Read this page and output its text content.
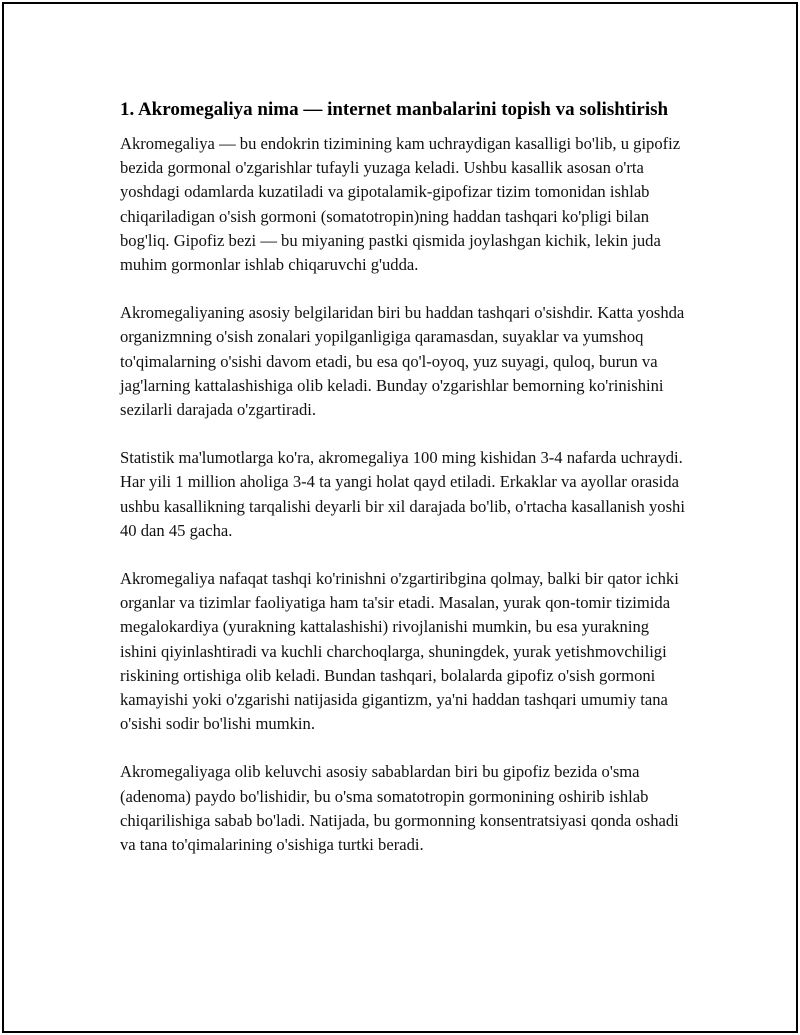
1. Akromegaliya nima — internet manbalarini topish va solishtirish

Akromegaliya — bu endokrin tizimining kam uchraydigan kasalligi bo'lib, u gipofiz bezida gormonal o'zgarishlar tufayli yuzaga keladi. Ushbu kasallik asosan o'rta yoshdagi odamlarda kuzatiladi va gipotalamik-gipofizar tizim tomonidan ishlab chiqariladigan o'sish gormoni (somatotropin)ning haddan tashqari ko'pligi bilan bog'liq. Gipofiz bezi — bu miyaning pastki qismida joylashgan kichik, lekin juda muhim gormonlar ishlab chiqaruvchi g'udda.

Akromegaliyaning asosiy belgilaridan biri bu haddan tashqari o'sishdir. Katta yoshda organizmning o'sish zonalari yopilganligiga qaramasdan, suyaklar va yumshoq to'qimalarning o'sishi davom etadi, bu esa qo'l-oyoq, yuz suyagi, quloq, burun va jag'larning kattalashishiga olib keladi. Bunday o'zgarishlar bemorning ko'rinishini sezilarli darajada o'zgartiradi.

Statistik ma'lumotlarga ko'ra, akromegaliya 100 ming kishidan 3-4 nafarda uchraydi. Har yili 1 million aholiga 3-4 ta yangi holat qayd etiladi. Erkaklar va ayollar orasida ushbu kasallikning tarqalishi deyarli bir xil darajada bo'lib, o'rtacha kasallanish yoshi 40 dan 45 gacha.

Akromegaliya nafaqat tashqi ko'rinishni o'zgartiribgina qolmay, balki bir qator ichki organlar va tizimlar faoliyatiga ham ta'sir etadi. Masalan, yurak qon-tomir tizimida megalokardiya (yurakning kattalashishi) rivojlanishi mumkin, bu esa yurakning ishini qiyinlashtiradi va kuchli charchoqlarga, shuningdek, yurak yetishmovchiligi riskining ortishiga olib keladi. Bundan tashqari, bolalarda gipofiz o'sish gormoni kamayishi yoki o'zgarishi natijasida gigantizm, ya'ni haddan tashqari umumiy tana o'sishi sodir bo'lishi mumkin.

Akromegaliyaga olib keluvchi asosiy sabablardan biri bu gipofiz bezida o'sma (adenoma) paydo bo'lishidir, bu o'sma somatotropin gormonining oshirib ishlab chiqarilishiga sabab bo'ladi. Natijada, bu gormonning konsentratsiyasi qonda oshadi va tana to'qimalarining o'sishiga turtki beradi.
